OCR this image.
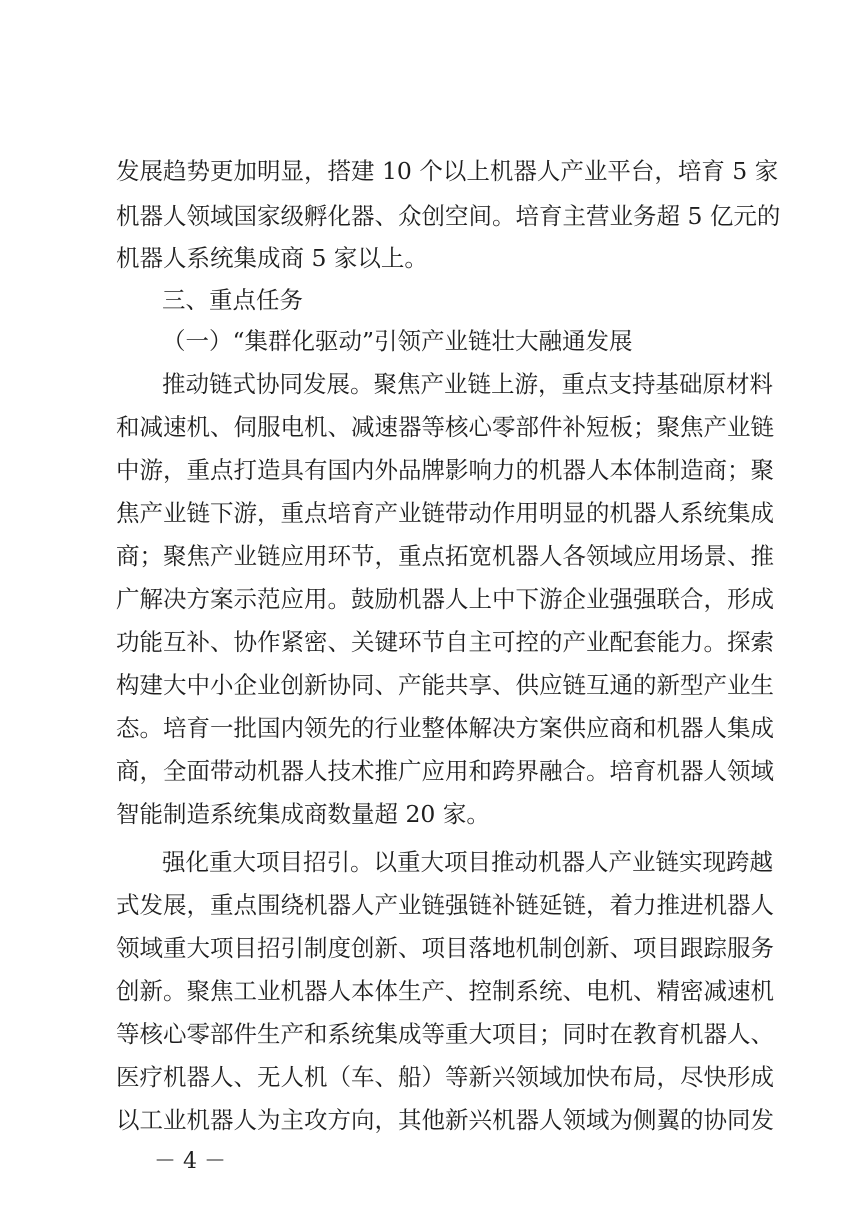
发展趋势更加明显，搭建 10 个以上机器人产业平台，培育 5 家
机器人领域国家级孵化器、众创空间。培育主营业务超 5 亿元的
机器人系统集成商 5 家以上。
三、重点任务
（一）“集群化驱动”引领产业链壮大融通发展
推动链式协同发展。聚焦产业链上游，重点支持基础原材料
和减速机、伺服电机、减速器等核心零部件补短板；聚焦产业链
中游，重点打造具有国内外品牌影响力的机器人本体制造商；聚
焦产业链下游，重点培育产业链带动作用明显的机器人系统集成
商；聚焦产业链应用环节，重点拓宽机器人各领域应用场景、推
广解决方案示范应用。鼓励机器人上中下游企业强强联合，形成
功能互补、协作紧密、关键环节自主可控的产业配套能力。探索
构建大中小企业创新协同、产能共享、供应链互通的新型产业生
态。培育一批国内领先的行业整体解决方案供应商和机器人集成
商，全面带动机器人技术推广应用和跨界融合。培育机器人领域
智能制造系统集成商数量超 20 家。
强化重大项目招引。以重大项目推动机器人产业链实现跨越
式发展，重点围绕机器人产业链强链补链延链，着力推进机器人
领域重大项目招引制度创新、项目落地机制创新、项目跟踪服务
创新。聚焦工业机器人本体生产、控制系统、电机、精密减速机
等核心零部件生产和系统集成等重大项目；同时在教育机器人、
医疗机器人、无人机（车、船）等新兴领域加快布局，尽快形成
以工业机器人为主攻方向，其他新兴机器人领域为侧翼的协同发
－ 4 －
